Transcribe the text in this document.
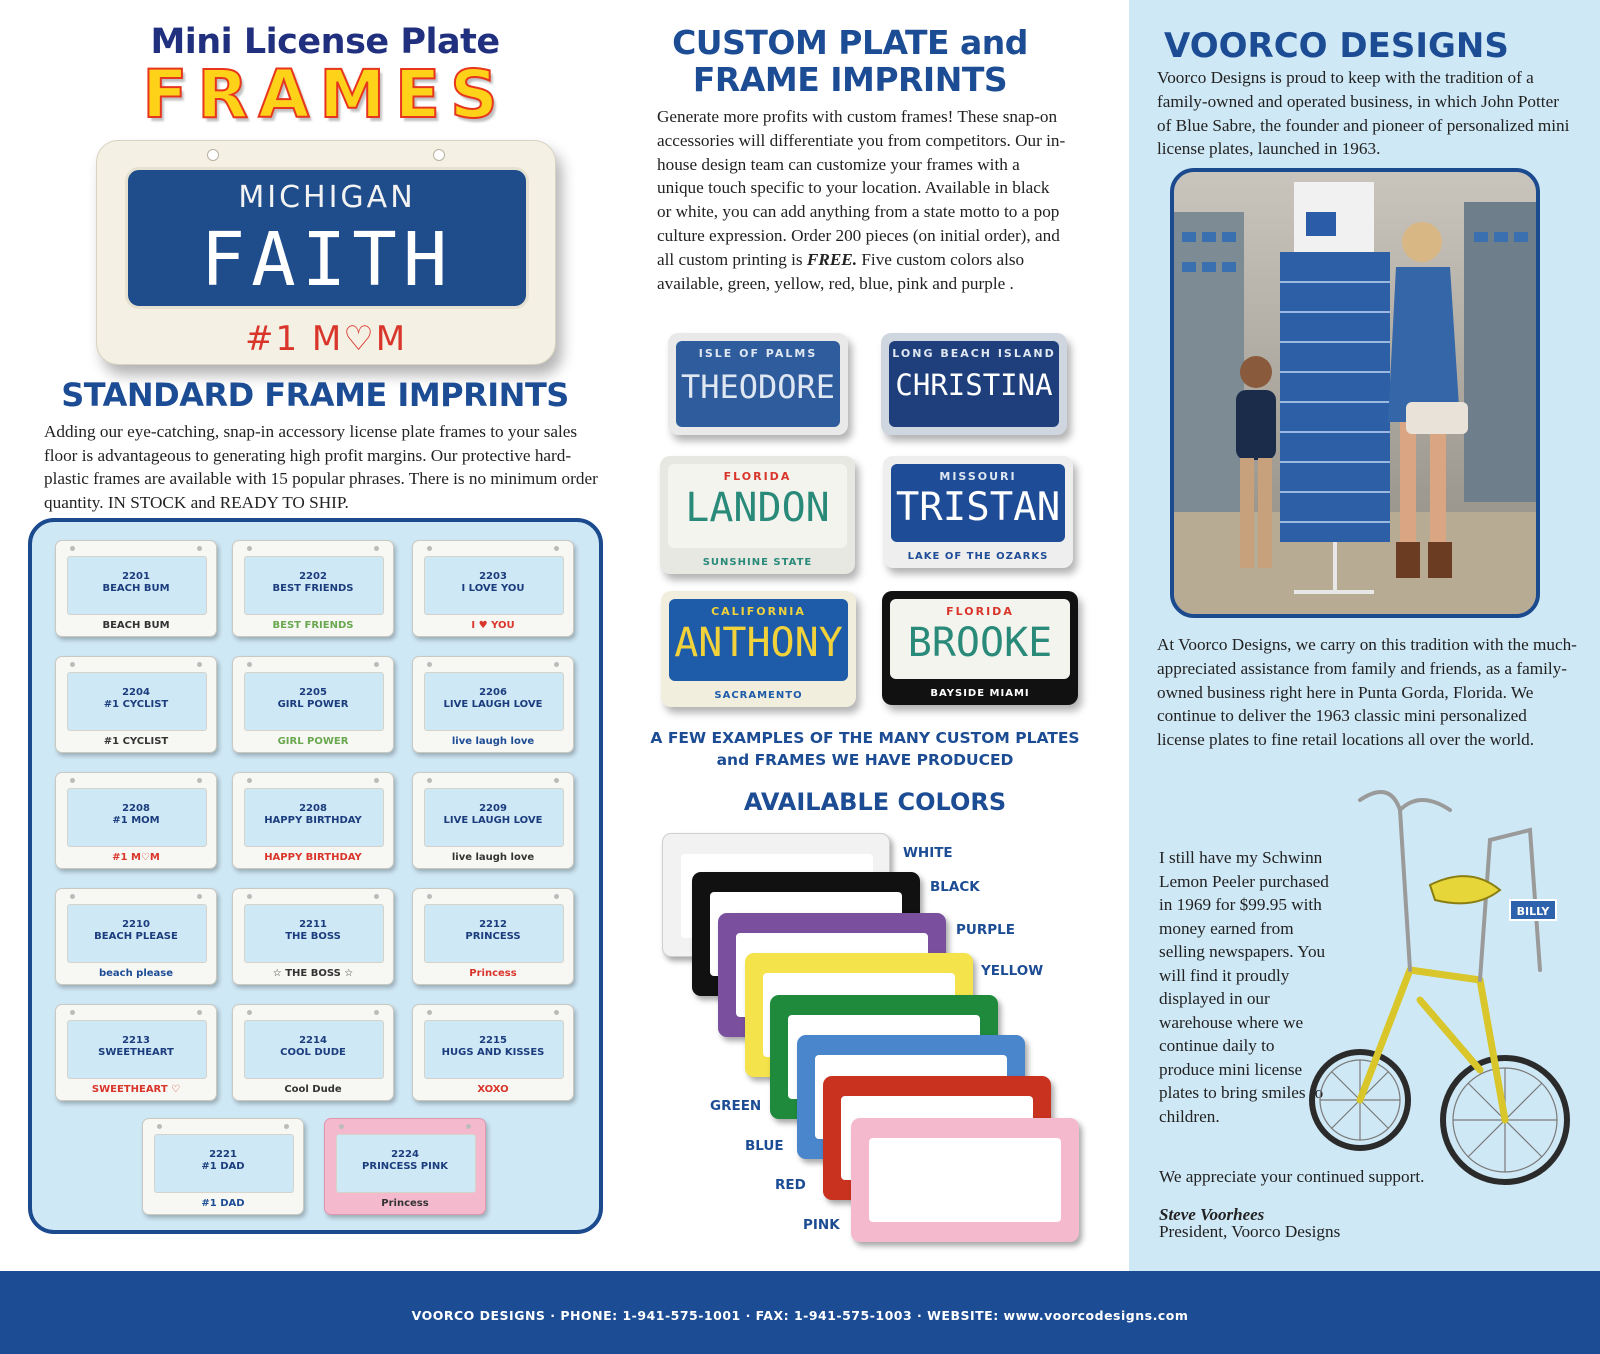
Mini License Plate
FRAMES
MICHIGAN
FAITH
#1 M♡M
STANDARD FRAME IMPRINTS

Adding our eye-catching, snap-in accessory license plate frames to your sales floor is advantageous to generating high profit margins. Our protective hard-plastic frames are available with 15 popular phrases. There is no minimum order quantity. IN STOCK and READY TO SHIP.

2201
BEACH BUM
BEACH BUM
2202
BEST FRIENDS
BEST FRIENDS
2203
I LOVE YOU
I ♥ YOU
2204
#1 CYCLIST
#1 CYCLIST
2205
GIRL POWER
GIRL POWER
2206
LIVE LAUGH LOVE
live laugh love
2208
#1 MOM
#1 M♡M
2208
HAPPY BIRTHDAY
HAPPY BIRTHDAY
2209
LIVE LAUGH LOVE
live laugh love
2210
BEACH PLEASE
beach please
2211
THE BOSS
☆ THE BOSS ☆
2212
PRINCESS
Princess
2213
SWEETHEART
SWEETHEART ♡
2214
COOL DUDE
Cool Dude
2215
HUGS AND KISSES
XOXO
2221
#1 DAD
#1 DAD
2224
PRINCESS PINK
Princess
CUSTOM PLATE and
FRAME IMPRINTS

Generate more profits with custom frames! These snap-on accessories will differentiate you from competitors. Our in-house design team can customize your frames with a unique touch specific to your location. Available in black or white, you can add anything from a state motto to a pop culture expression. Order 200 pieces (on initial order), and all custom printing is FREE. Five custom colors also available, green, yellow, red, blue, pink and purple .

ISLE OF PALMS
THEODORE
LONG BEACH ISLAND
CHRISTINA
FLORIDA
LANDON
SUNSHINE STATE
MISSOURI
TRISTAN
LAKE OF THE OZARKS
CALIFORNIA
ANTHONY
SACRAMENTO
FLORIDA
BROOKE
BAYSIDE MIAMI
A FEW EXAMPLES OF THE MANY CUSTOM PLATES
and FRAMES WE HAVE PRODUCED
AVAILABLE COLORS
WHITE
BLACK
PURPLE
YELLOW
GREEN
BLUE
RED
PINK
VOORCO DESIGNS

Voorco Designs is proud to keep with the tradition of a family-owned and operated business, in which John Potter of Blue Sabre, the founder and pioneer of personalized mini license plates, launched in 1963.

At Voorco Designs, we carry on this tradition with the much-appreciated assistance from family and friends, as a family-owned business right here in Punta Gorda, Florida. We continue to deliver the 1963 classic mini personalized license plates to fine retail locations all over the world.

I still have my Schwinn Lemon Peeler purchased in 1969 for $99.95 with money earned from selling newspapers. You will find it proudly displayed in our warehouse where we continue daily to produce mini license plates to bring smiles to children.

BILLY

We appreciate your continued support.

Steve Voorhees
President, Voorco Designs
VOORCO DESIGNS · PHONE: 1-941-575-1001 · FAX: 1-941-575-1003 · WEBSITE: www.voorcodesigns.com
